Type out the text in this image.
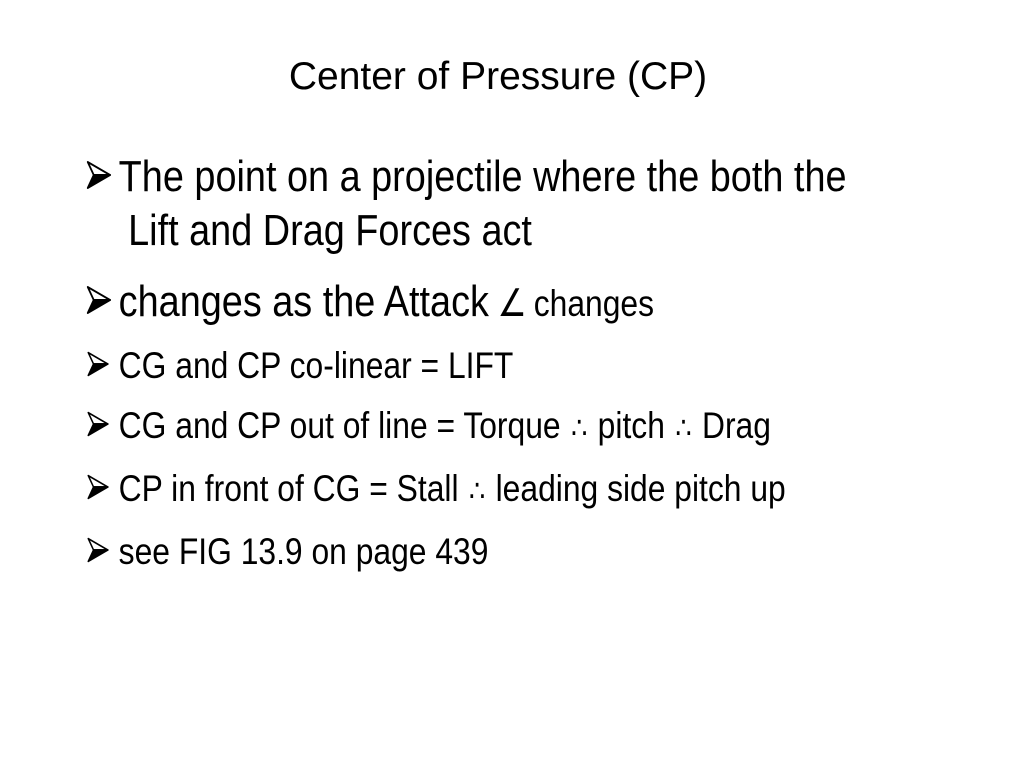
Center of Pressure (CP)
The point on a projectile where the both the
Lift and Drag Forces act
changes as the Attack ∠ changes
CG and CP co-linear = LIFT
CG and CP out of line = Torque ∴ pitch ∴ Drag
CP in front of CG = Stall ∴ leading side pitch up
see FIG 13.9 on page 439
